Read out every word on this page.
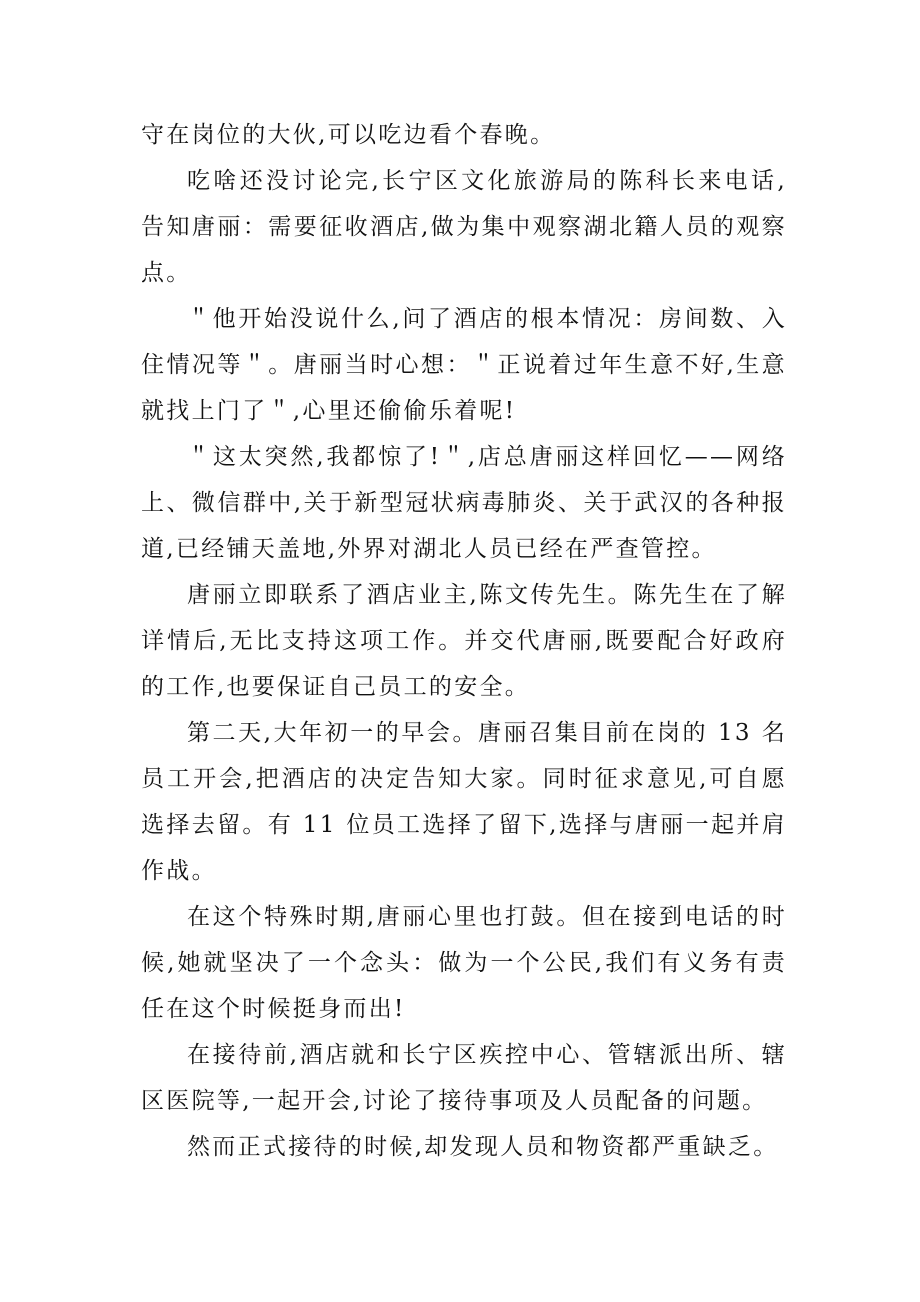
守在岗位的大伙,可以吃边看个春晚。

吃啥还没讨论完,长宁区文化旅游局的陈科长来电话,告知唐丽：需要征收酒店,做为集中观察湖北籍人员的观察点。

＂他开始没说什么,问了酒店的根本情况：房间数、入住情况等＂。唐丽当时心想：＂正说着过年生意不好,生意就找上门了＂,心里还偷偷乐着呢!

＂这太突然,我都惊了!＂,店总唐丽这样回忆——网络上、微信群中,关于新型冠状病毒肺炎、关于武汉的各种报道,已经铺天盖地,外界对湖北人员已经在严查管控。

唐丽立即联系了酒店业主,陈文传先生。陈先生在了解详情后,无比支持这项工作。并交代唐丽,既要配合好政府的工作,也要保证自己员工的安全。

第二天,大年初一的早会。唐丽召集目前在岗的 13 名员工开会,把酒店的决定告知大家。同时征求意见,可自愿选择去留。有 11 位员工选择了留下,选择与唐丽一起并肩作战。

在这个特殊时期,唐丽心里也打鼓。但在接到电话的时候,她就坚决了一个念头：做为一个公民,我们有义务有责任在这个时候挺身而出!

在接待前,酒店就和长宁区疾控中心、管辖派出所、辖区医院等,一起开会,讨论了接待事项及人员配备的问题。

然而正式接待的时候,却发现人员和物资都严重缺乏。
